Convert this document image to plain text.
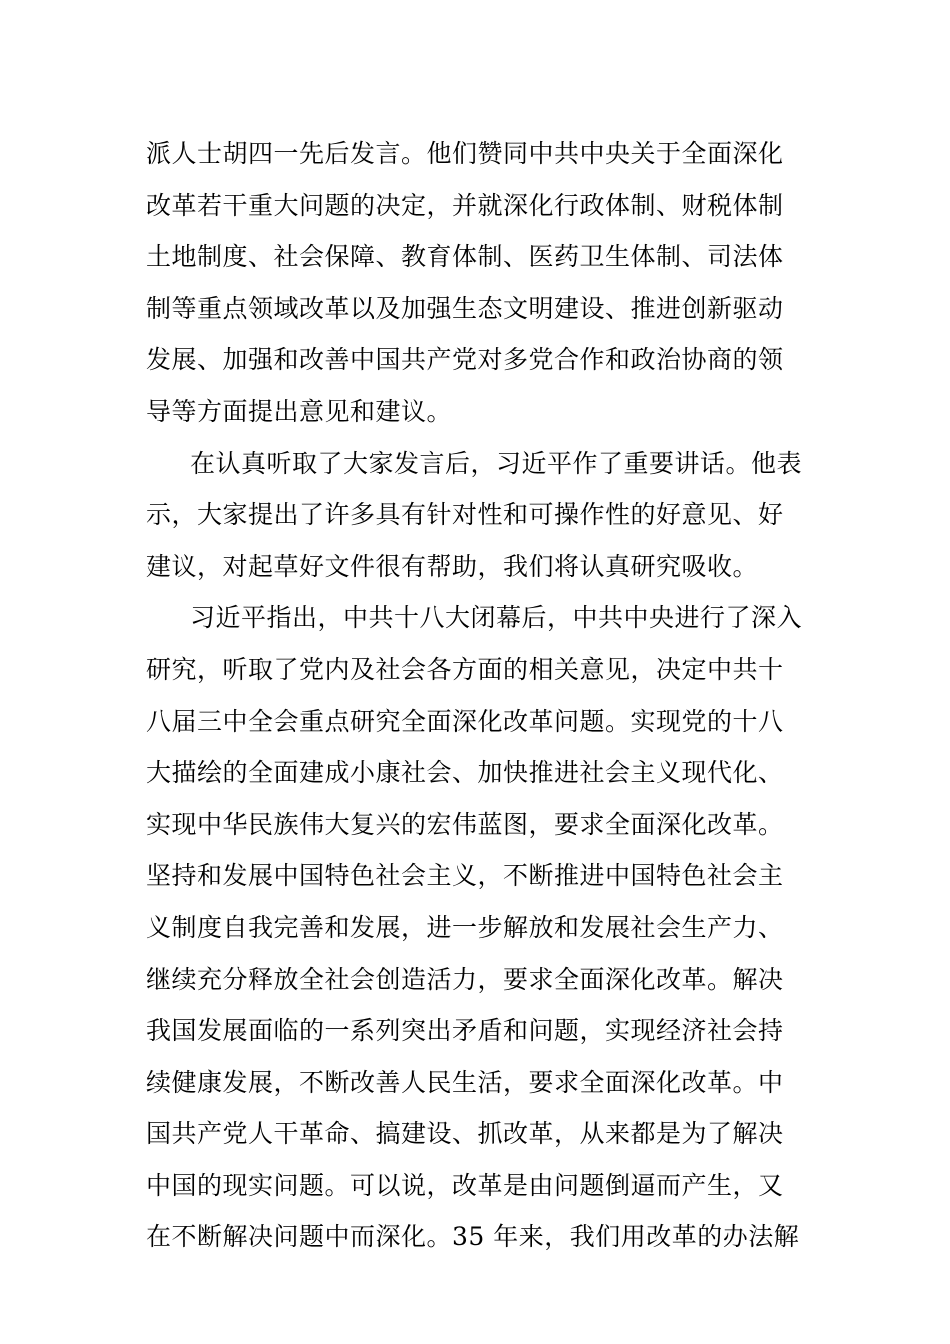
派人士胡四一先后发言。他们赞同中共中央关于全面深化
改革若干重大问题的决定，并就深化行政体制、财税体制
土地制度、社会保障、教育体制、医药卫生体制、司法体
制等重点领域改革以及加强生态文明建设、推进创新驱动
发展、加强和改善中国共产党对多党合作和政治协商的领
导等方面提出意见和建议。
在认真听取了大家发言后，习近平作了重要讲话。他表
示，大家提出了许多具有针对性和可操作性的好意见、好
建议，对起草好文件很有帮助，我们将认真研究吸收。
习近平指出，中共十八大闭幕后，中共中央进行了深入
研究，听取了党内及社会各方面的相关意见，决定中共十
八届三中全会重点研究全面深化改革问题。实现党的十八
大描绘的全面建成小康社会、加快推进社会主义现代化、
实现中华民族伟大复兴的宏伟蓝图，要求全面深化改革。
坚持和发展中国特色社会主义，不断推进中国特色社会主
义制度自我完善和发展，进一步解放和发展社会生产力、
继续充分释放全社会创造活力，要求全面深化改革。解决
我国发展面临的一系列突出矛盾和问题，实现经济社会持
续健康发展，不断改善人民生活，要求全面深化改革。中
国共产党人干革命、搞建设、抓改革，从来都是为了解决
中国的现实问题。可以说，改革是由问题倒逼而产生，又
在不断解决问题中而深化。35 年来，我们用改革的办法解
